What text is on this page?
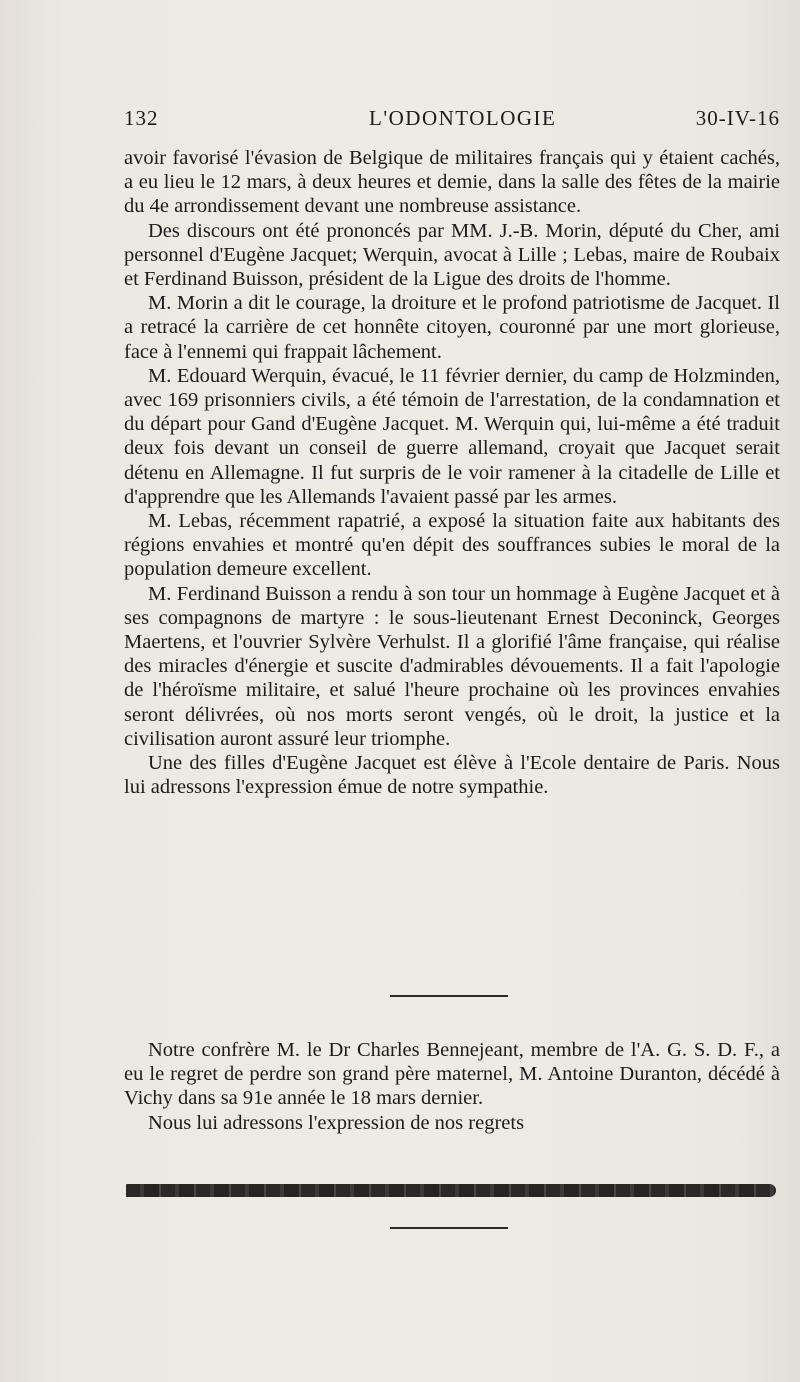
132	L'ODONTOLOGIE	30-IV-16

avoir favorisé l'évasion de Belgique de militaires français qui y étaient cachés, a eu lieu le 12 mars, à deux heures et demie, dans la salle des fêtes de la mairie du 4e arrondissement devant une nombreuse assistance.

Des discours ont été prononcés par MM. J.-B. Morin, député du Cher, ami personnel d'Eugène Jacquet; Werquin, avocat à Lille ; Lebas, maire de Roubaix et Ferdinand Buisson, président de la Ligue des droits de l'homme.

M. Morin a dit le courage, la droiture et le profond patriotisme de Jacquet. Il a retracé la carrière de cet honnête citoyen, couronné par une mort glorieuse, face à l'ennemi qui frappait lâchement.

M. Edouard Werquin, évacué, le 11 février dernier, du camp de Holzminden, avec 169 prisonniers civils, a été témoin de l'arrestation, de la condamnation et du départ pour Gand d'Eugène Jacquet. M. Werquin qui, lui-même a été traduit deux fois devant un conseil de guerre allemand, croyait que Jacquet serait détenu en Allemagne. Il fut surpris de le voir ramener à la citadelle de Lille et d'apprendre que les Allemands l'avaient passé par les armes.

M. Lebas, récemment rapatrié, a exposé la situation faite aux habitants des régions envahies et montré qu'en dépit des souffrances subies le moral de la population demeure excellent.

M. Ferdinand Buisson a rendu à son tour un hommage à Eugène Jacquet et à ses compagnons de martyre : le sous-lieutenant Ernest Deconinck, Georges Maertens, et l'ouvrier Sylvère Verhulst. Il a glorifié l'âme française, qui réalise des miracles d'énergie et suscite d'admirables dévouements. Il a fait l'apologie de l'héroïsme militaire, et salué l'heure prochaine où les provinces envahies seront délivrées, où nos morts seront vengés, où le droit, la justice et la civilisation auront assuré leur triomphe.

Une des filles d'Eugène Jacquet est élève à l'Ecole dentaire de Paris. Nous lui adressons l'expression émue de notre sympathie.

Notre confrère M. le Dr Charles Bennejeant, membre de l'A. G. S. D. F., a eu le regret de perdre son grand père maternel, M. Antoine Duranton, décédé à Vichy dans sa 91e année le 18 mars dernier.

Nous lui adressons l'expression de nos regrets
